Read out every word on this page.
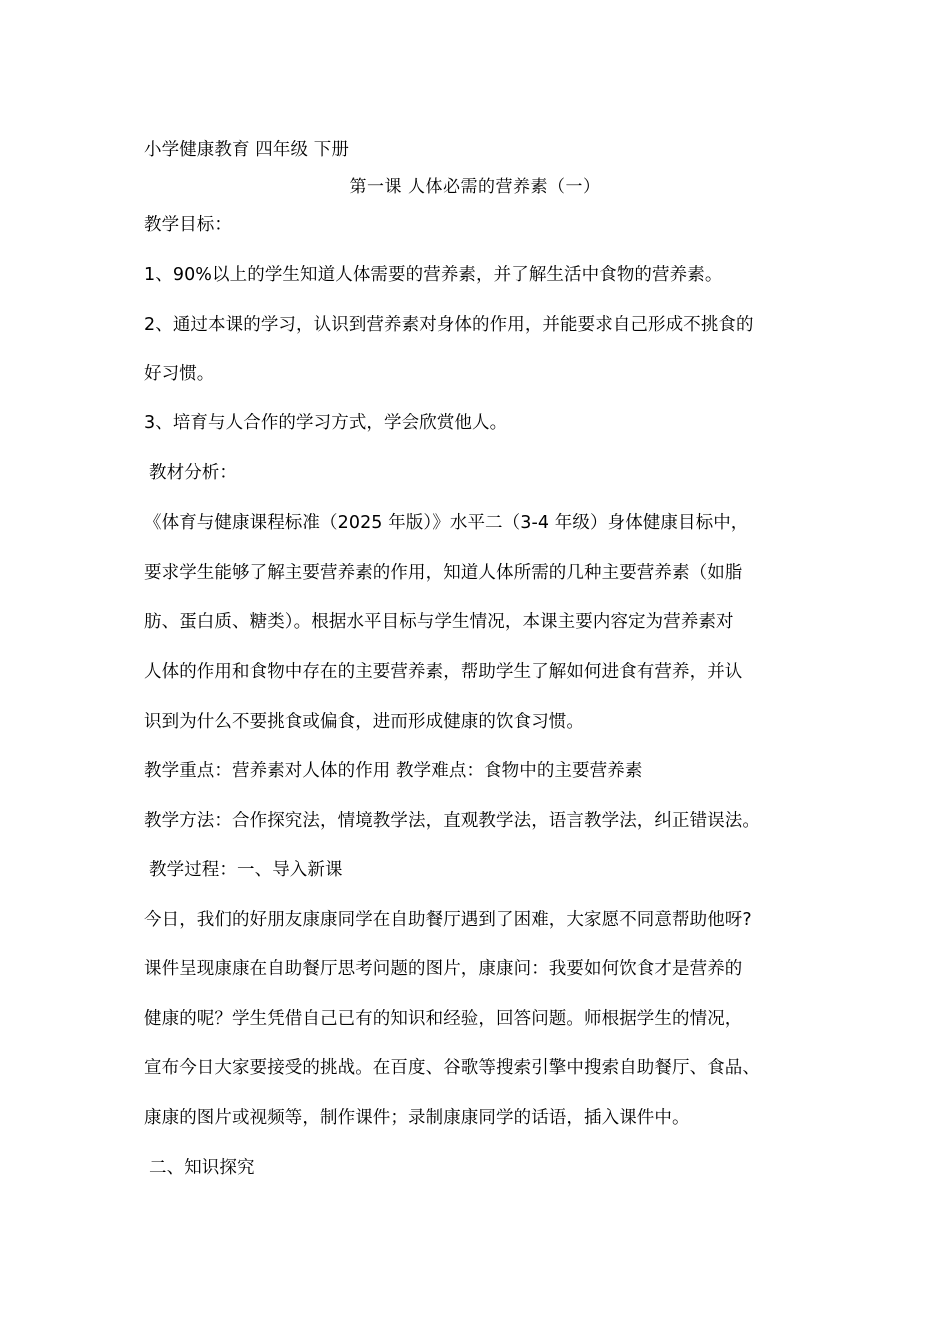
小学健康教育 四年级 下册
第一课 人体必需的营养素（一）
教学目标：
1、90%以上的学生知道人体需要的营养素，并了解生活中食物的营养素。
2、通过本课的学习，认识到营养素对身体的作用，并能要求自己形成不挑食的
好习惯。
3、培育与人合作的学习方式，学会欣赏他人。
教材分析：
《体育与健康课程标准（2025 年版）》水平二（3-4 年级）身体健康目标中，
要求学生能够了解主要营养素的作用，知道人体所需的几种主要营养素（如脂
肪、蛋白质、糖类）。根据水平目标与学生情况，本课主要内容定为营养素对
人体的作用和食物中存在的主要营养素，帮助学生了解如何进食有营养，并认
识到为什么不要挑食或偏食，进而形成健康的饮食习惯。
教学重点：营养素对人体的作用 教学难点：食物中的主要营养素
教学方法：合作探究法，情境教学法，直观教学法，语言教学法，纠正错误法。
教学过程：一、导入新课
今日，我们的好朋友康康同学在自助餐厅遇到了困难，大家愿不同意帮助他呀?
课件呈现康康在自助餐厅思考问题的图片，康康问：我要如何饮食才是营养的
健康的呢？学生凭借自己已有的知识和经验，回答问题。师根据学生的情况，
宣布今日大家要接受的挑战。在百度、谷歌等搜索引擎中搜索自助餐厅、食品、
康康的图片或视频等，制作课件；录制康康同学的话语，插入课件中。
二、知识探究
